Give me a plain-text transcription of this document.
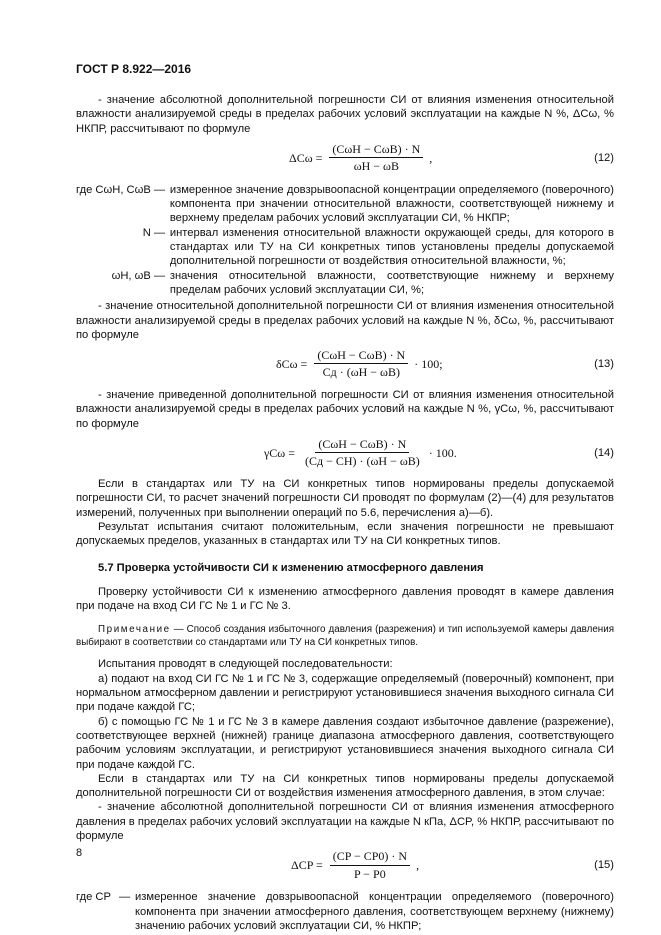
ГОСТ Р 8.922—2016

- значение абсолютной дополнительной погрешности СИ от влияния изменения относительной влажности анализируемой среды в пределах рабочих условий эксплуатации на каждые N %, ΔCω, % НКПР, рассчитывают по формуле

$\Delta C\omega = \frac{\text{(CωH − CωB) · N}}{\omega H - \omega B}$ ,	(12)
где CωH, CωB	—	измеренное значение довзрывоопасной концентрации определяемого (поверочного) компонента при значении относительной влажности, соответствующей нижнему и верхнему пределам рабочих условий эксплуатации СИ, % НКПР;
N	—	интервал изменения относительной влажности окружающей среды, для которого в стандартах или ТУ на СИ конкретных типов установлены пределы допускаемой дополнительной погрешности от воздействия относительной влажности, %;
ωH, ωB	—	значения относительной влажности, соответствующие нижнему и верхнему пределам рабочих условий эксплуатации СИ, %;

- значение относительной дополнительной погрешности СИ от влияния изменения относительной влажности анализируемой среды в пределах рабочих условий на каждые N %, δCω, %, рассчитывают по формуле

$\delta C\omega = \frac{\text{(CωH − CωB) · N}}{Cд \cdot (\omega H - \omega B)} \cdot 100$;	(13)

- значение приведенной дополнительной погрешности СИ от влияния изменения относительной влажности анализируемой среды в пределах рабочих условий на каждые N %, γCω, %, рассчитывают по формуле

$\gamma C\omega = \frac{\text{(CωH − CωB) · N}}{(Cд - CH) \cdot (\omega H - \omega B)} \cdot 100$.	(14)

Если в стандартах или ТУ на СИ конкретных типов нормированы пределы допускаемой погрешности СИ, то расчет значений погрешности СИ проводят по формулам (2)—(4) для результатов измерений, полученных при выполнении операций по 5.6, перечисления а)—б).

Результат испытания считают положительным, если значения погрешности не превышают допускаемых пределов, указанных в стандартах или ТУ на СИ конкретных типов.

5.7 Проверка устойчивости СИ к изменению атмосферного давления

Проверку устойчивости СИ к изменению атмосферного давления проводят в камере давления при подаче на вход СИ ГС № 1 и ГС № 3.

Примечание — Способ создания избыточного давления (разрежения) и тип используемой камеры давления выбирают в соответствии со стандартами или ТУ на СИ конкретных типов.

Испытания проводят в следующей последовательности:

а) подают на вход СИ ГС № 1 и ГС № 3, содержащие определяемый (поверочный) компонент, при нормальном атмосферном давлении и регистрируют установившиеся значения выходного сигнала СИ при подаче каждой ГС;

б) с помощью ГС № 1 и ГС № 3 в камере давления создают избыточное давление (разрежение), соответствующее верхней (нижней) границе диапазона атмосферного давления, соответствующего рабочим условиям эксплуатации, и регистрируют установившиеся значения выходного сигнала СИ при подаче каждой ГС.

Если в стандартах или ТУ на СИ конкретных типов нормированы пределы допускаемой дополнительной погрешности СИ от воздействия изменения атмосферного давления, в этом случае:

- значение абсолютной дополнительной погрешности СИ от влияния изменения атмосферного давления в пределах рабочих условий эксплуатации на каждые N кПа, ΔCP, % НКПР, рассчитывают по формуле

$\Delta CP = \frac{(CP - CP0) \cdot N}{P - P0}$ ,	(15)
где CP	—	измеренное значение довзрывоопасной концентрации определяемого (поверочного) компонента при значении атмосферного давления, соответствующем верхнему (нижнему) значению рабочих условий эксплуатации СИ, % НКПР;
8
